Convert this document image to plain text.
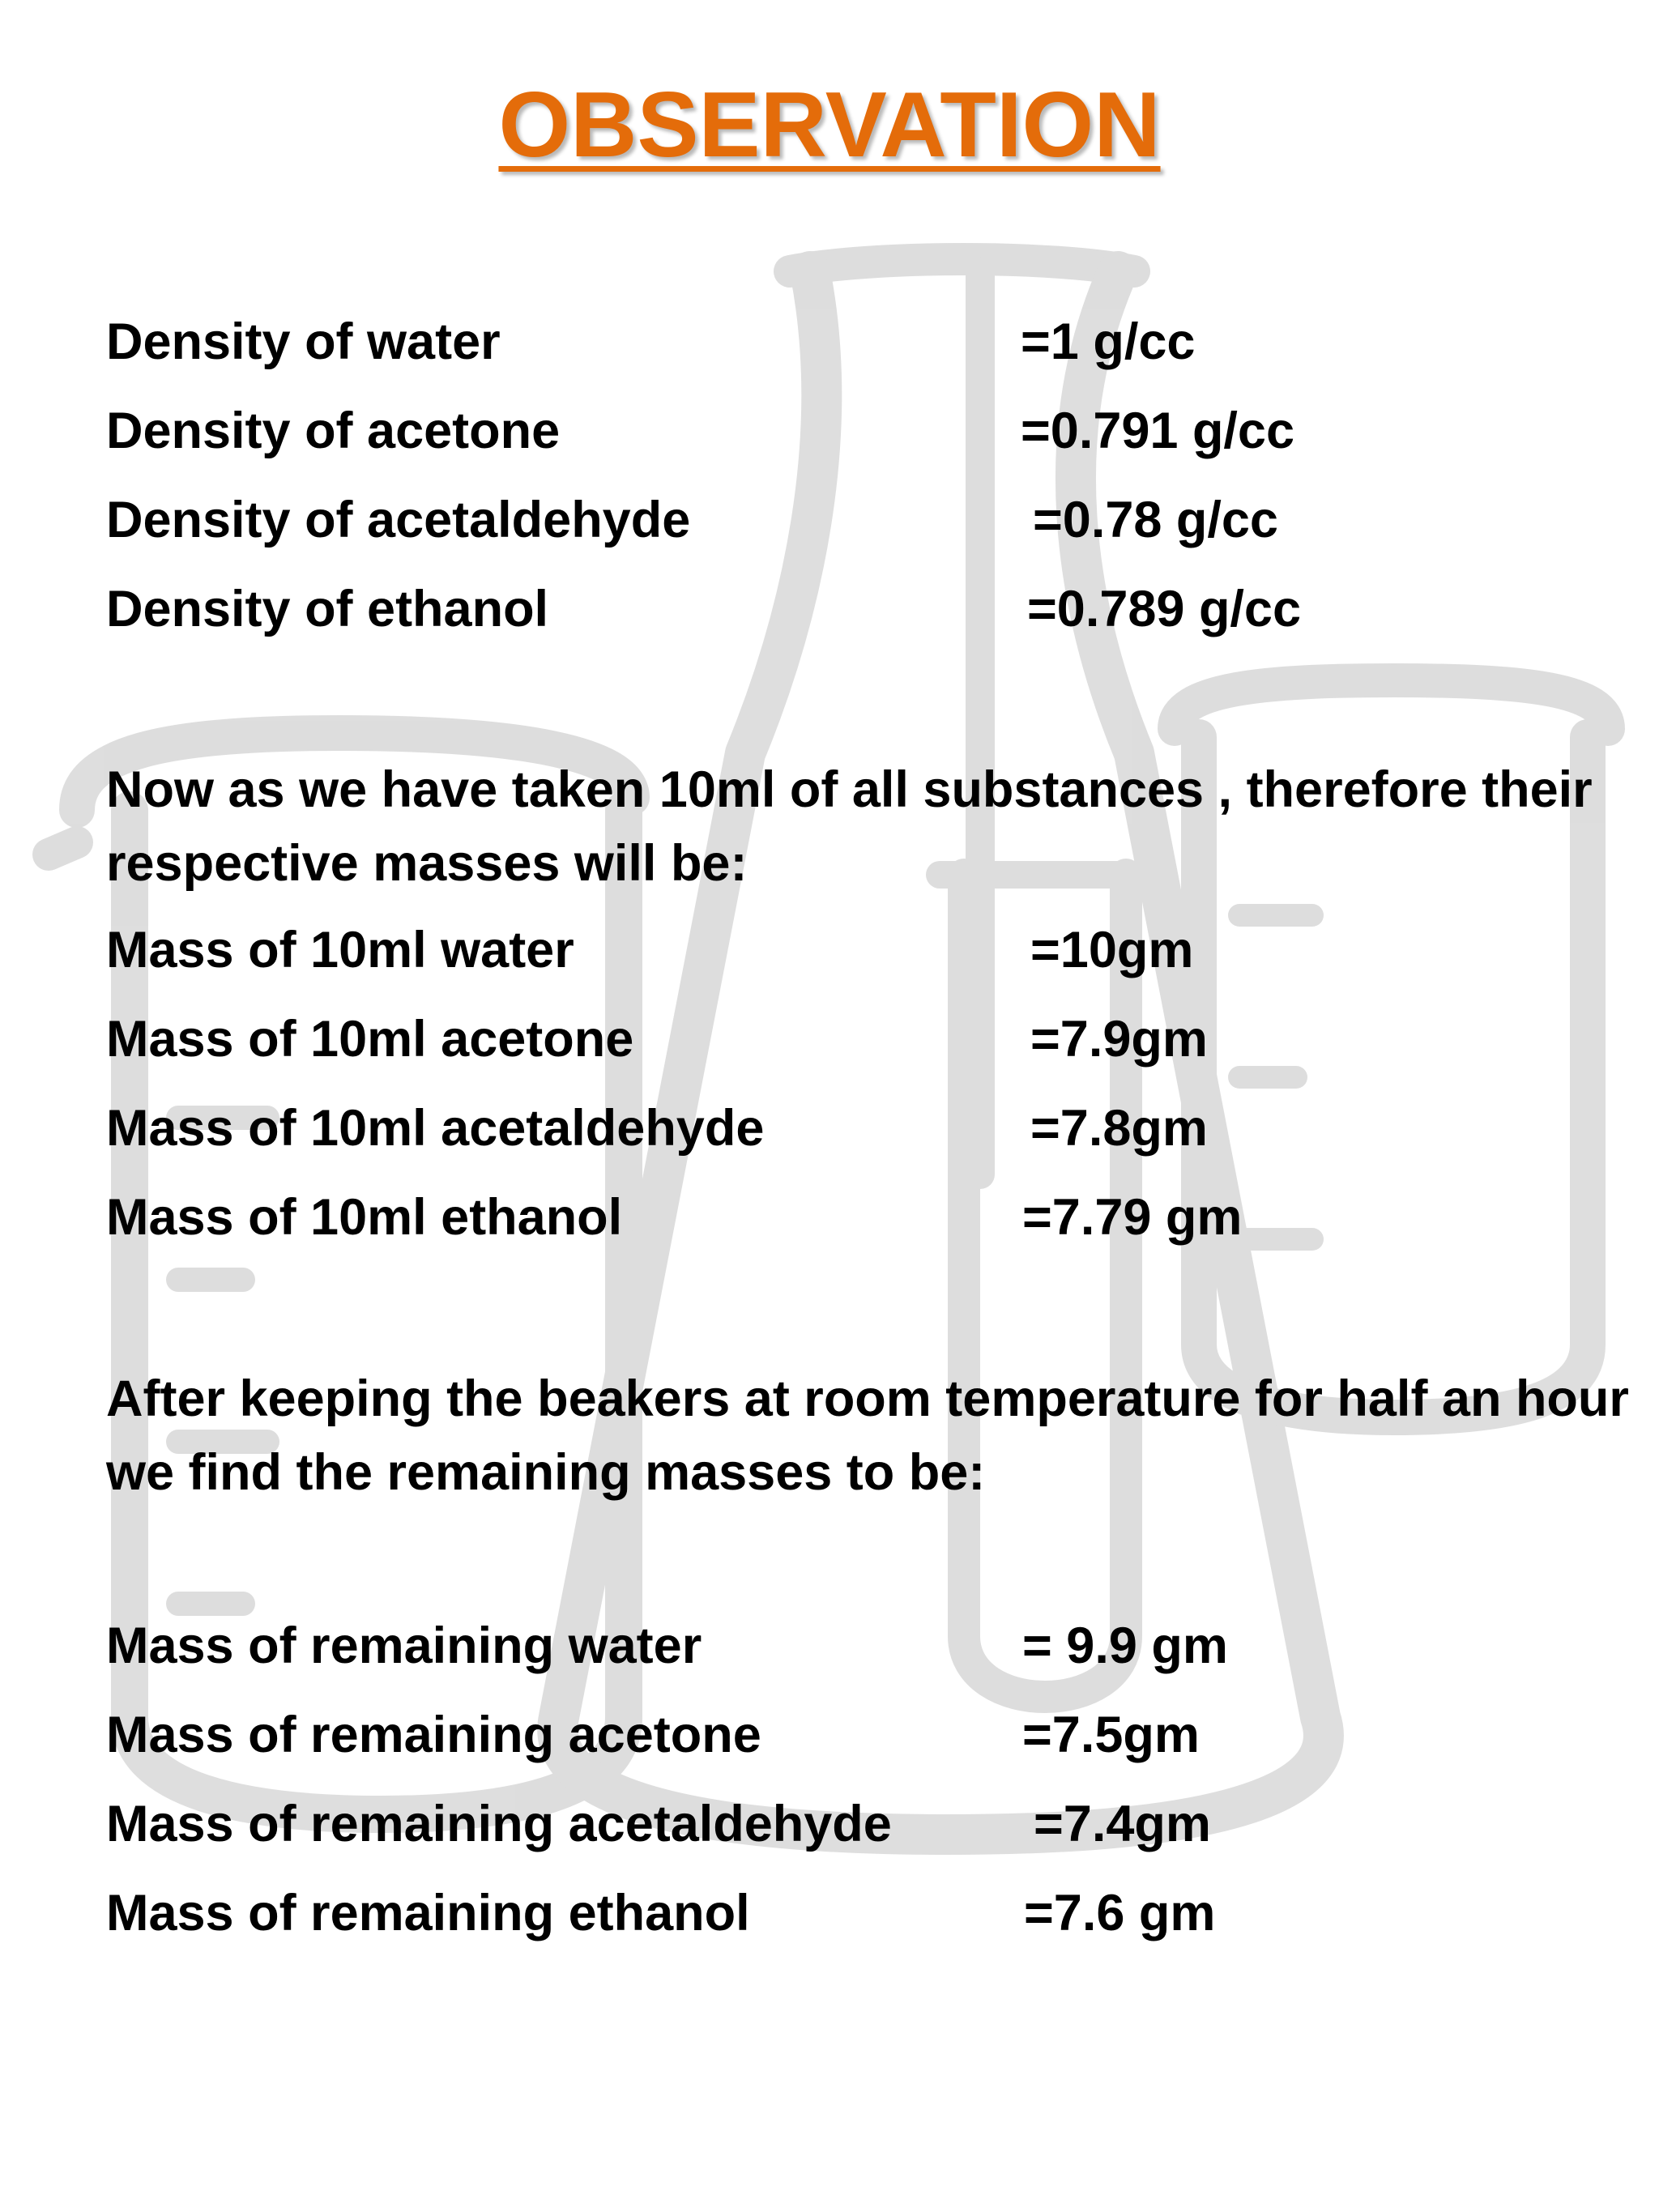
OBSERVATION
Density of water	=1 g/cc
Density of acetone	=0.791 g/cc
Density of acetaldehyde	=0.78 g/cc
Density of ethanol	=0.789 g/cc
Now as we have taken 10ml of all substances , therefore their respective masses will be:
Mass of 10ml water	=10gm
Mass of 10ml acetone	=7.9gm
Mass of 10ml acetaldehyde	=7.8gm
Mass of 10ml ethanol	=7.79 gm
After keeping the beakers at room temperature for half an hour we find the remaining masses to be:
Mass of remaining water	= 9.9 gm
Mass of remaining acetone	=7.5gm
Mass of remaining acetaldehyde	=7.4gm
Mass of remaining ethanol	=7.6 gm
